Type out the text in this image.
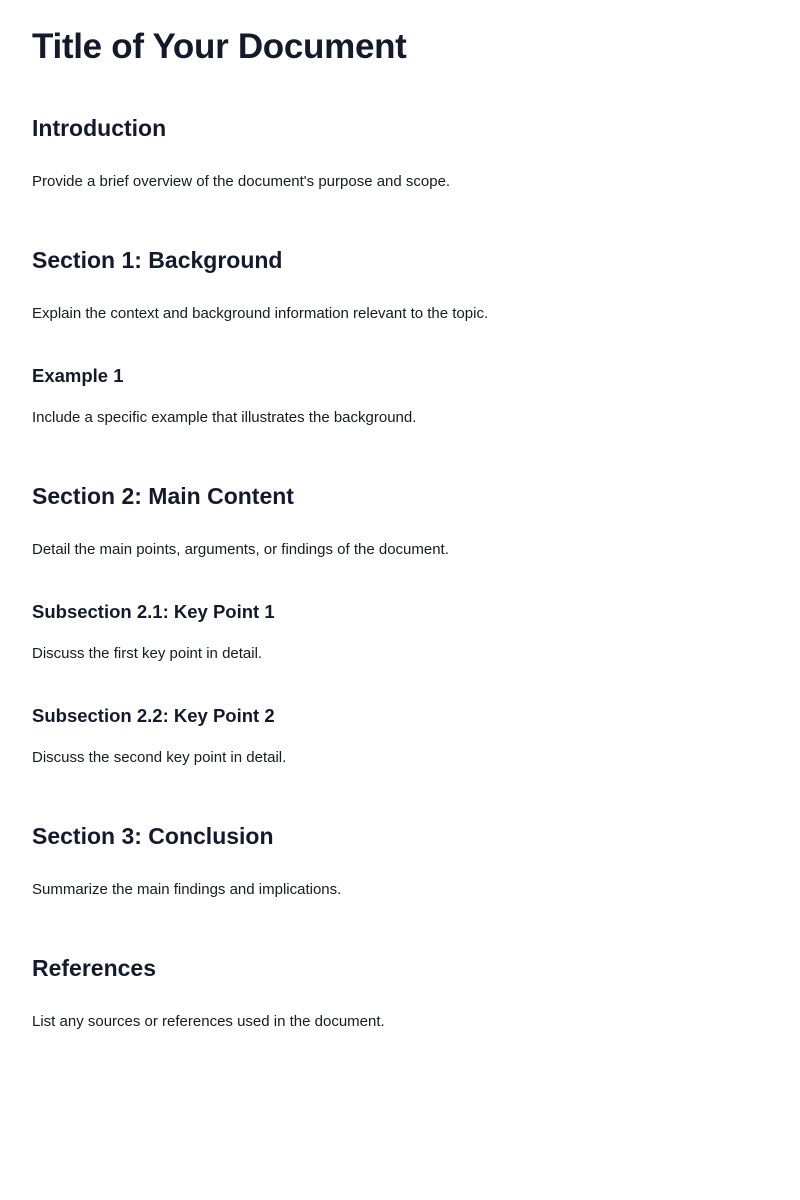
Title of Your Document
Introduction

Provide a brief overview of the document's purpose and scope.

Section 1: Background

Explain the context and background information relevant to the topic.

Example 1

Include a specific example that illustrates the background.

Section 2: Main Content

Detail the main points, arguments, or findings of the document.

Subsection 2.1: Key Point 1

Discuss the first key point in detail.

Subsection 2.2: Key Point 2

Discuss the second key point in detail.

Section 3: Conclusion

Summarize the main findings and implications.

References

List any sources or references used in the document.
